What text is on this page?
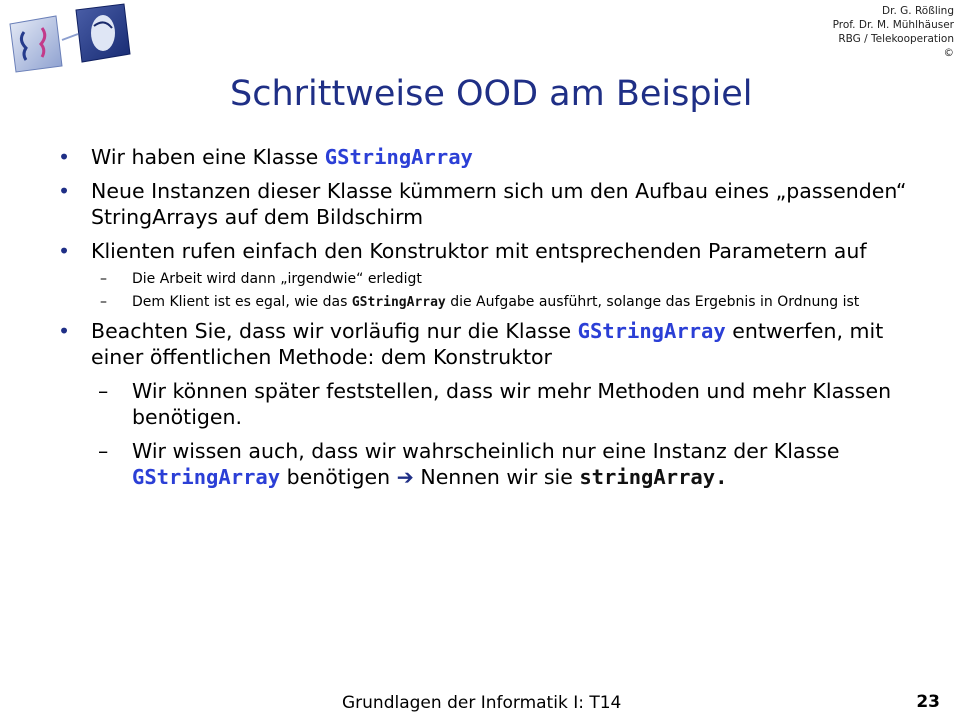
Dr. G. Rößling
Prof. Dr. M. Mühlhäuser
RBG / Telekooperation
©
Schrittweise OOD am Beispiel
• Wir haben eine Klasse GStringArray
• Neue Instanzen dieser Klasse kümmern sich um den Aufbau eines „passenden“ StringArrays auf dem Bildschirm
• Klienten rufen einfach den Konstruktor mit entsprechenden Parametern auf
– Die Arbeit wird dann „irgendwie“ erledigt
– Dem Klient ist es egal, wie das GStringArray die Aufgabe ausführt, solange das Ergebnis in Ordnung ist
• Beachten Sie, dass wir vorläufig nur die Klasse GStringArray entwerfen, mit einer öffentlichen Methode: dem Konstruktor
– Wir können später feststellen, dass wir mehr Methoden und mehr Klassen benötigen.
– Wir wissen auch, dass wir wahrscheinlich nur eine Instanz der Klasse GStringArray benötigen ➔ Nennen wir sie stringArray.
Grundlagen der Informatik I: T14	23
